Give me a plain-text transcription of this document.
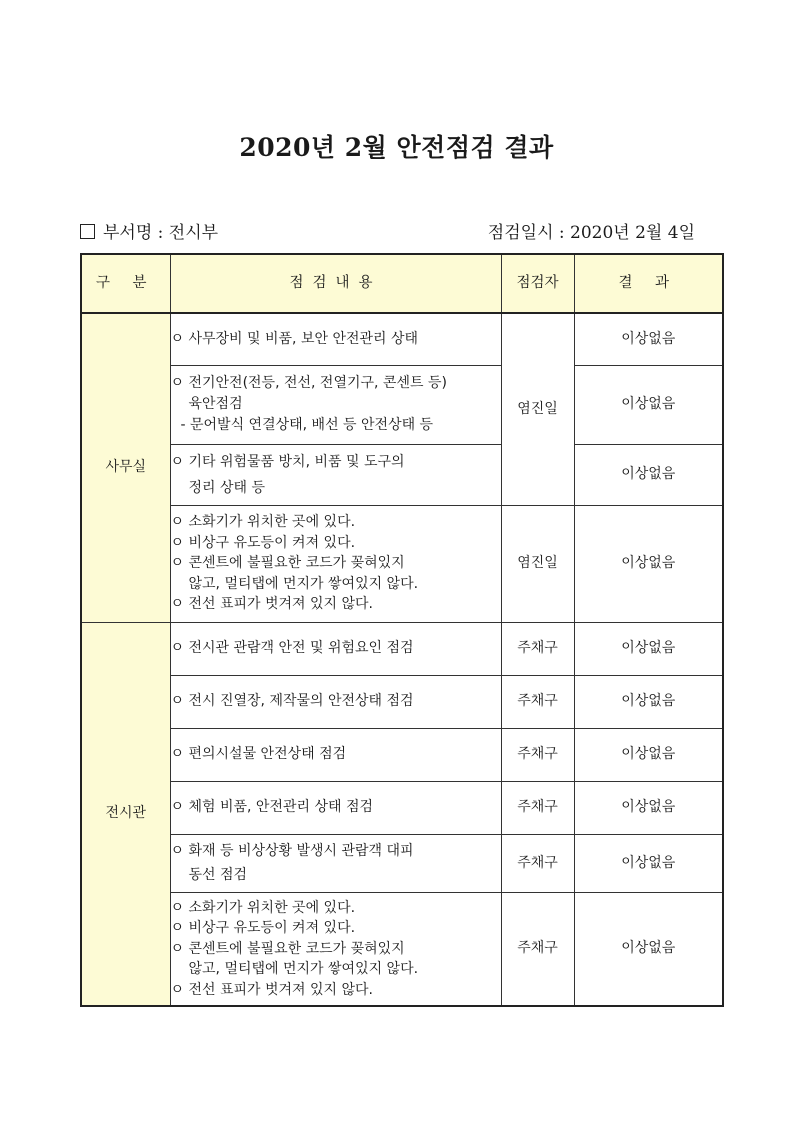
2020년 2월 안전점검 결과
부서명 : 전시부	점검일시 : 2020년 2월 4일
구 분	점검내용	점검자	결 과
사무실	ㅇ 사무장비 및 비품, 보안 안전관리 상태	염진일	이상없음

	ㅇ 전기안전(전등, 전선, 전열기구, 콘센트 등)
육안점검
- 문어발식 연결상태, 배선 등 안전상태 등		이상없음

	ㅇ 기타 위험물품 방치, 비품 및 도구의
정리 상태 등		이상없음

	ㅇ 소화기가 위치한 곳에 있다.
ㅇ 비상구 유도등이 켜져 있다.
ㅇ 콘센트에 불필요한 코드가 꽂혀있지
않고, 멀티탭에 먼지가 쌓여있지 않다.
ㅇ 전선 표피가 벗겨져 있지 않다.	염진일	이상없음
전시관	ㅇ 전시관 관람객 안전 및 위험요인 점검	주채구	이상없음

	ㅇ 전시 진열장, 제작물의 안전상태 점검	주채구	이상없음

	ㅇ 편의시설물 안전상태 점검	주채구	이상없음

	ㅇ 체험 비품, 안전관리 상태 점검	주채구	이상없음

	ㅇ 화재 등 비상상황 발생시 관람객 대피
동선 점검	주채구	이상없음

	ㅇ 소화기가 위치한 곳에 있다.
ㅇ 비상구 유도등이 켜져 있다.
ㅇ 콘센트에 불필요한 코드가 꽂혀있지
않고, 멀티탭에 먼지가 쌓여있지 않다.
ㅇ 전선 표피가 벗겨져 있지 않다.	주채구	이상없음
